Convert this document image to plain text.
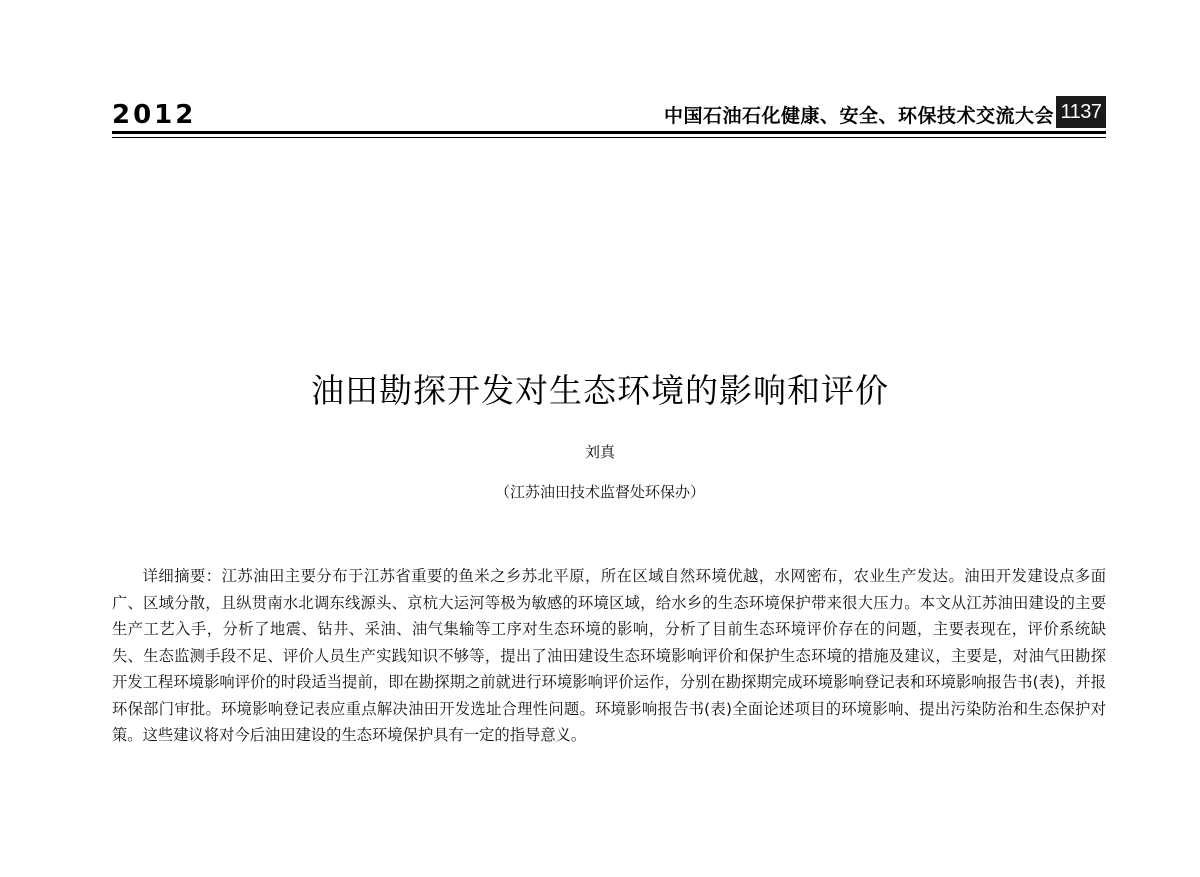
2012	中国石油石化健康、安全、环保技术交流大会 1137
油田勘探开发对生态环境的影响和评价
刘真
（江苏油田技术监督处环保办）

详细摘要：江苏油田主要分布于江苏省重要的鱼米之乡苏北平原，所在区域自然环境优越，水网密布，农业生产发达。油田开发建设点多面广、区域分散，且纵贯南水北调东线源头、京杭大运河等极为敏感的环境区域，给水乡的生态环境保护带来很大压力。本文从江苏油田建设的主要生产工艺入手，分析了地震、钻井、采油、油气集输等工序对生态环境的影响，分析了目前生态环境评价存在的问题，主要表现在，评价系统缺失、生态监测手段不足、评价人员生产实践知识不够等，提出了油田建设生态环境影响评价和保护生态环境的措施及建议，主要是，对油气田勘探开发工程环境影响评价的时段适当提前，即在勘探期之前就进行环境影响评价运作，分别在勘探期完成环境影响登记表和环境影响报告书(表)，并报环保部门审批。环境影响登记表应重点解决油田开发选址合理性问题。环境影响报告书(表)全面论述项目的环境影响、提出污染防治和生态保护对策。这些建议将对今后油田建设的生态环境保护具有一定的指导意义。
